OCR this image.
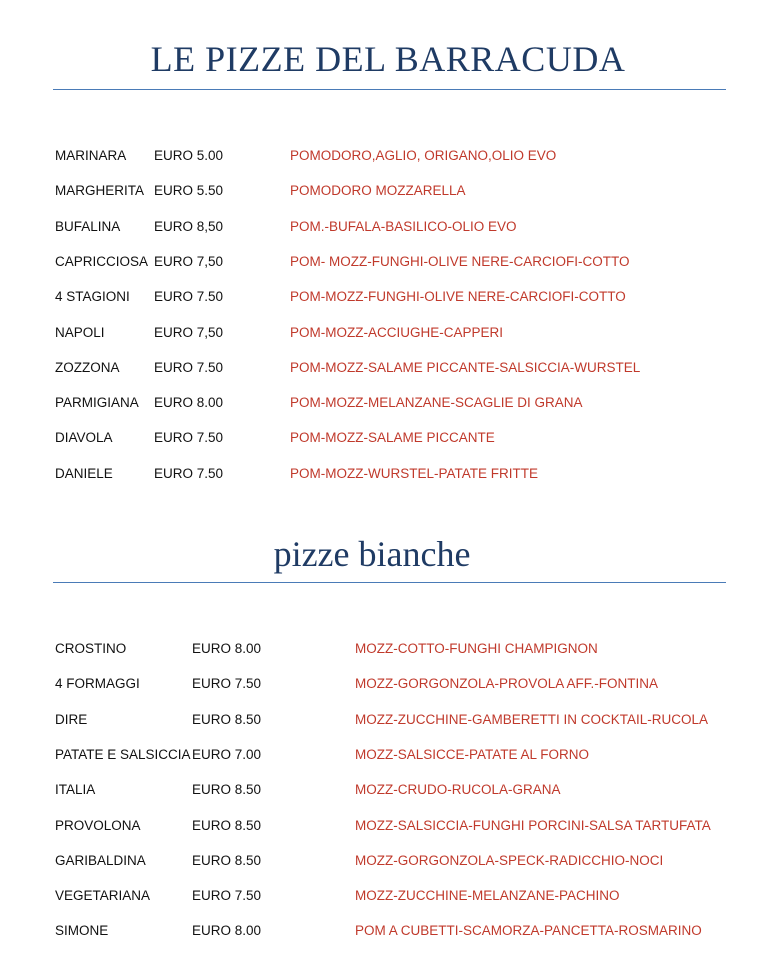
LE PIZZE DEL BARRACUDA
MARINARA EURO 5.00	POMODORO,AGLIO, ORIGANO,OLIO EVO
MARGHERITA EURO 5.50	POMODORO MOZZARELLA
BUFALINA EURO 8,50	POM.-BUFALA-BASILICO-OLIO EVO
CAPRICCIOSA EURO 7,50	POM- MOZZ-FUNGHI-OLIVE NERE-CARCIOFI-COTTO
4 STAGIONI EURO 7.50	POM-MOZZ-FUNGHI-OLIVE NERE-CARCIOFI-COTTO
NAPOLI	EURO 7,50	POM-MOZZ-ACCIUGHE-CAPPERI
ZOZZONA	EURO 7.50	POM-MOZZ-SALAME PICCANTE-SALSICCIA-WURSTEL
PARMIGIANA EURO 8.00	POM-MOZZ-MELANZANE-SCAGLIE DI GRANA
DIAVOLA	EURO 7.50	POM-MOZZ-SALAME PICCANTE
DANIELE	EURO 7.50	POM-MOZZ-WURSTEL-PATATE FRITTE
pizze bianche
CROSTINO	EURO 8.00	MOZZ-COTTO-FUNGHI CHAMPIGNON
4 FORMAGGI	EURO 7.50	MOZZ-GORGONZOLA-PROVOLA AFF.-FONTINA
DIRE	EURO 8.50	MOZZ-ZUCCHINE-GAMBERETTI IN COCKTAIL-RUCOLA
PATATE E SALSICCIA EURO 7.00	MOZZ-SALSICCE-PATATE AL FORNO
ITALIA	EURO 8.50	MOZZ-CRUDO-RUCOLA-GRANA
PROVOLONA	EURO 8.50	MOZZ-SALSICCIA-FUNGHI PORCINI-SALSA TARTUFATA
GARIBALDINA	EURO 8.50	MOZZ-GORGONZOLA-SPECK-RADICCHIO-NOCI
VEGETARIANA	EURO 7.50	MOZZ-ZUCCHINE-MELANZANE-PACHINO
SIMONE	EURO 8.00	POM A CUBETTI-SCAMORZA-PANCETTA-ROSMARINO
